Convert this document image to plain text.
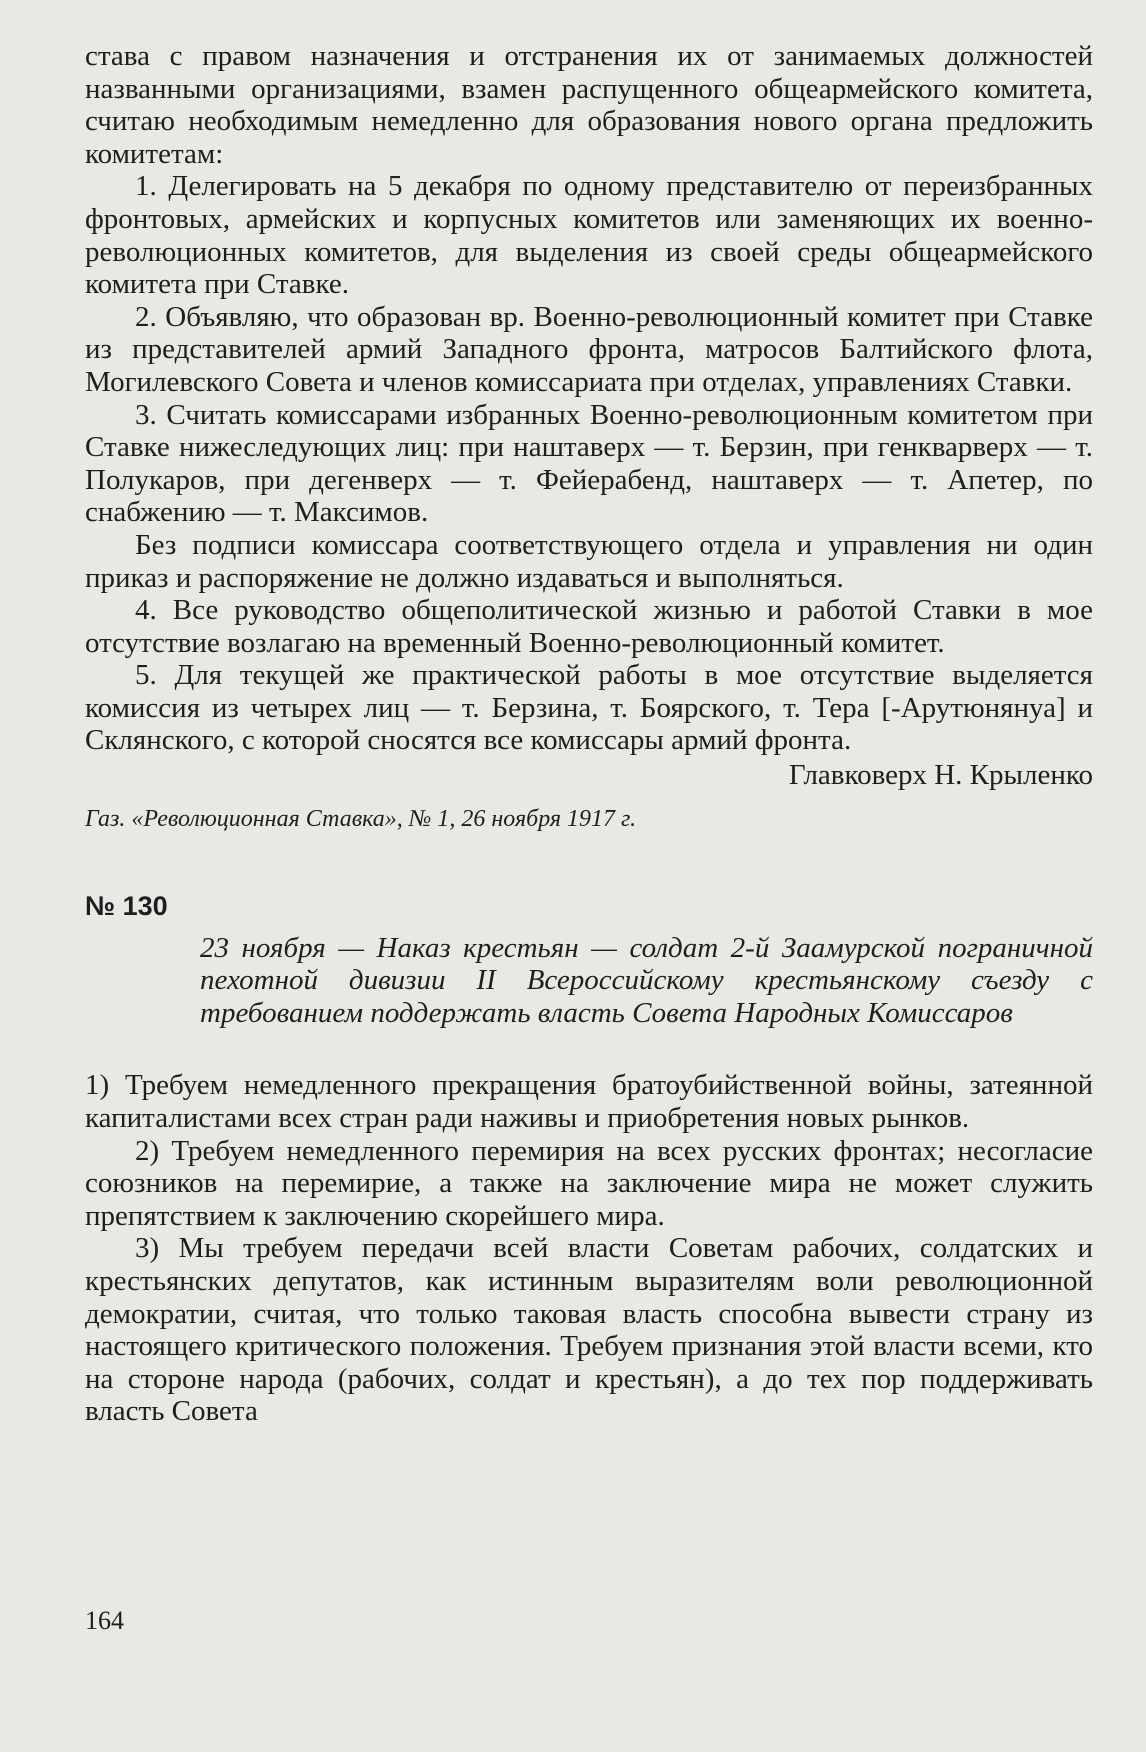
става с правом назначения и отстранения их от занимаемых должностей названными организациями, взамен распущенного общеармейского комитета, считаю необходимым немедленно для образования нового органа предложить комитетам:

1. Делегировать на 5 декабря по одному представителю от переизбранных фронтовых, армейских и корпусных комитетов или заменяющих их военно-революционных комитетов, для выделения из своей среды общеармейского комитета при Ставке.

2. Объявляю, что образован вр. Военно-революционный комитет при Ставке из представителей армий Западного фронта, матросов Балтийского флота, Могилевского Совета и членов комиссариата при отделах, управлениях Ставки.

3. Считать комиссарами избранных Военно-революционным комитетом при Ставке нижеследующих лиц: при наштаверх — т. Берзин, при генкварверх — т. Полукаров, при дегенверх — т. Фейерабенд, наштаверх — т. Апетер, по снабжению — т. Максимов.

Без подписи комиссара соответствующего отдела и управления ни один приказ и распоряжение не должно издаваться и выполняться.

4. Все руководство общеполитической жизнью и работой Ставки в мое отсутствие возлагаю на временный Военно-революционный комитет.

5. Для текущей же практической работы в мое отсутствие выделяется комиссия из четырех лиц — т. Берзина, т. Боярского, т. Тера [-Арутюнянуа] и Склянского, с которой сносятся все комиссары армий фронта.

Главковерх Н. Крыленко

Газ. «Революционная Ставка», № 1, 26 ноября 1917 г.

№ 130
23 ноября — Наказ крестьян — солдат 2-й Заамурской пограничной пехотной дивизии II Всероссийскому крестьянскому съезду с требованием поддержать власть Совета Народных Комиссаров

1) Требуем немедленного прекращения братоубийственной войны, затеянной капиталистами всех стран ради наживы и приобретения новых рынков.

2) Требуем немедленного перемирия на всех русских фронтах; несогласие союзников на перемирие, а также на заключение мира не может служить препятствием к заключению скорейшего мира.

3) Мы требуем передачи всей власти Советам рабочих, солдатских и крестьянских депутатов, как истинным выразителям воли революционной демократии, считая, что только таковая власть способна вывести страну из настоящего критического положения. Требуем признания этой власти всеми, кто на стороне народа (рабочих, солдат и крестьян), а до тех пор поддерживать власть Совета

164
